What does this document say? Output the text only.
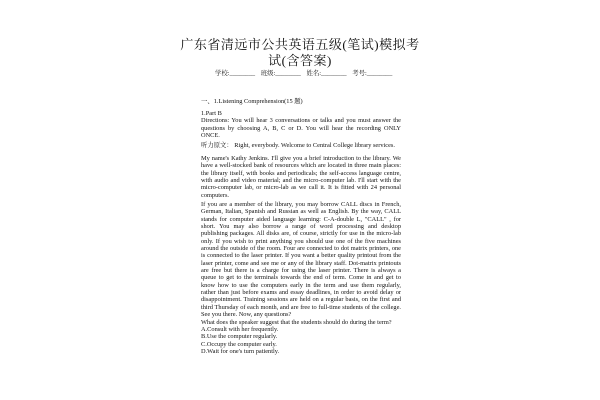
广东省清远市公共英语五级(笔试)模拟考
试(含答案)
学校:________ 班级:________ 姓名:________ 考号:________
一、1.Listening Comprehension(15 题)
1.Part B
Directions: You will hear 3 conversations or talks and you must answer the
questions by choosing A, B, C or D. You will hear the recording ONLY
ONCE.
听力原文： Right, everybody. Welcome to Central College library services.
My name's Kathy Jenkins. I'll give you a brief introduction to the library. We
have a well-stocked bank of resources which are located in three main places:
the library itself, with books and periodicals; the self-access language centre,
with audio and video material; and the micro-computer lab. I'll start with the
micro-computer lab, or micro-lab as we call it. It is fitted with 24 personal
computers.
If you are a member of the library, you may borrow CALL discs in French,
German, Italian, Spanish and Russian as well as English. By the way, CALL
stands for computer aided language learning: C-A-double L, "CALL" , for
short. You may also borrow a range of word processing and desktop
publishing packages. All disks are, of course, strictly for use in the micro-lab
only. If you wish to print anything you should use one of the five machines
around the outside of the room. Four are connected to dot matrix printers, one
is connected to the laser printer. If you want a better quality printout from the
laser printer, come and see me or any of the library staff. Dot-matrix printouts
are free but there is a charge for using the laser printer. There is always a
queue to get to the terminals towards the end of term. Come in and get to
know how to use the computers early in the term and use them regularly,
rather than just before exams and essay deadlines, in order to avoid delay or
disappointment. Training sessions are held on a regular basis, on the first and
third Thursday of each month, and are free to full-time students of the college.
See you there. Now, any questions?
What does the speaker suggest that the students should do during the term?
A.Consult with her frequently.
B.Use the computer regularly.
C.Occupy the computer early.
D.Wait for one's turn patiently.
